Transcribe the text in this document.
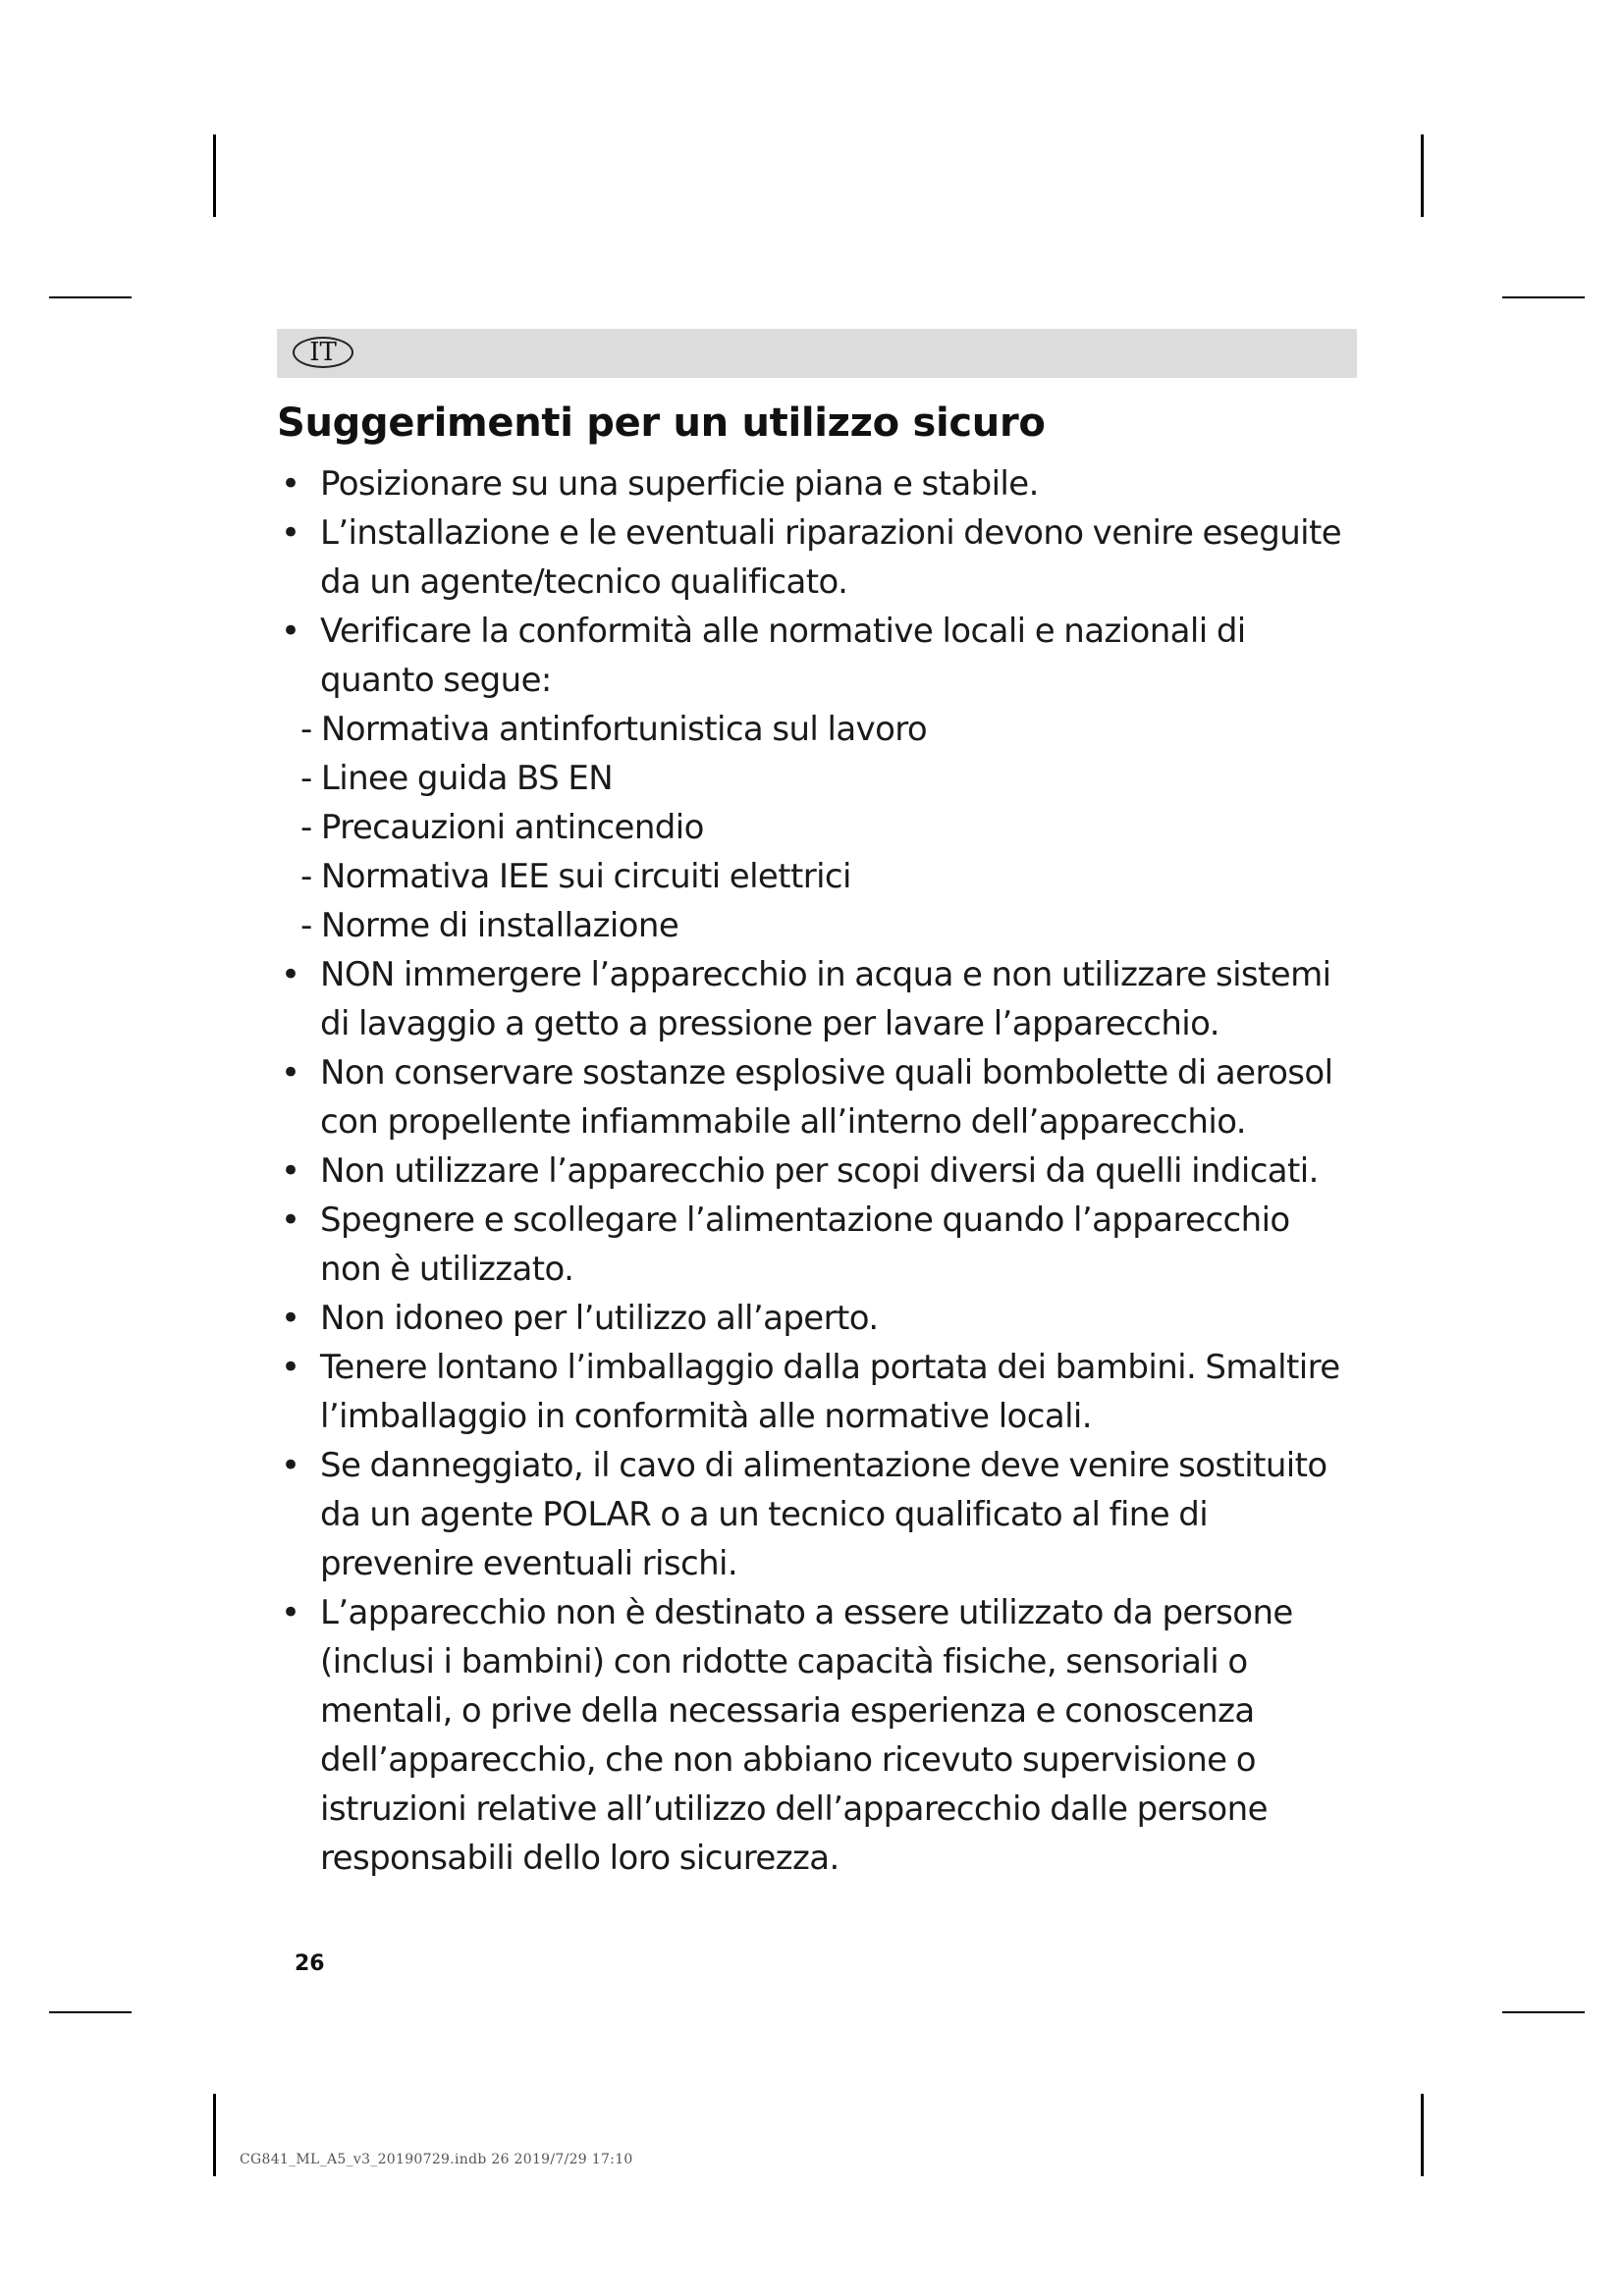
IT
Suggerimenti per un utilizzo sicuro
• Posizionare su una superficie piana e stabile.
• L’installazione e le eventuali riparazioni devono venire eseguite
da un agente/tecnico qualificato.
• Verificare la conformità alle normative locali e nazionali di
quanto segue:
- Normativa antinfortunistica sul lavoro
- Linee guida BS EN
- Precauzioni antincendio
- Normativa IEE sui circuiti elettrici
- Norme di installazione
• NON immergere l’apparecchio in acqua e non utilizzare sistemi
di lavaggio a getto a pressione per lavare l’apparecchio.
• Non conservare sostanze esplosive quali bombolette di aerosol
con propellente infiammabile all’interno dell’apparecchio.
• Non utilizzare l’apparecchio per scopi diversi da quelli indicati.
• Spegnere e scollegare l’alimentazione quando l’apparecchio
non è utilizzato.
• Non idoneo per l’utilizzo all’aperto.
• Tenere lontano l’imballaggio dalla portata dei bambini. Smaltire
l’imballaggio in conformità alle normative locali.
• Se danneggiato, il cavo di alimentazione deve venire sostituito
da un agente POLAR o a un tecnico qualificato al fine di
prevenire eventuali rischi.
• L’apparecchio non è destinato a essere utilizzato da persone
(inclusi i bambini) con ridotte capacità fisiche, sensoriali o
mentali, o prive della necessaria esperienza e conoscenza
dell’apparecchio, che non abbiano ricevuto supervisione o
istruzioni relative all’utilizzo dell’apparecchio dalle persone
responsabili dello loro sicurezza.
26
CG841_ML_A5_v3_20190729.indb 26 2019/7/29 17:10
